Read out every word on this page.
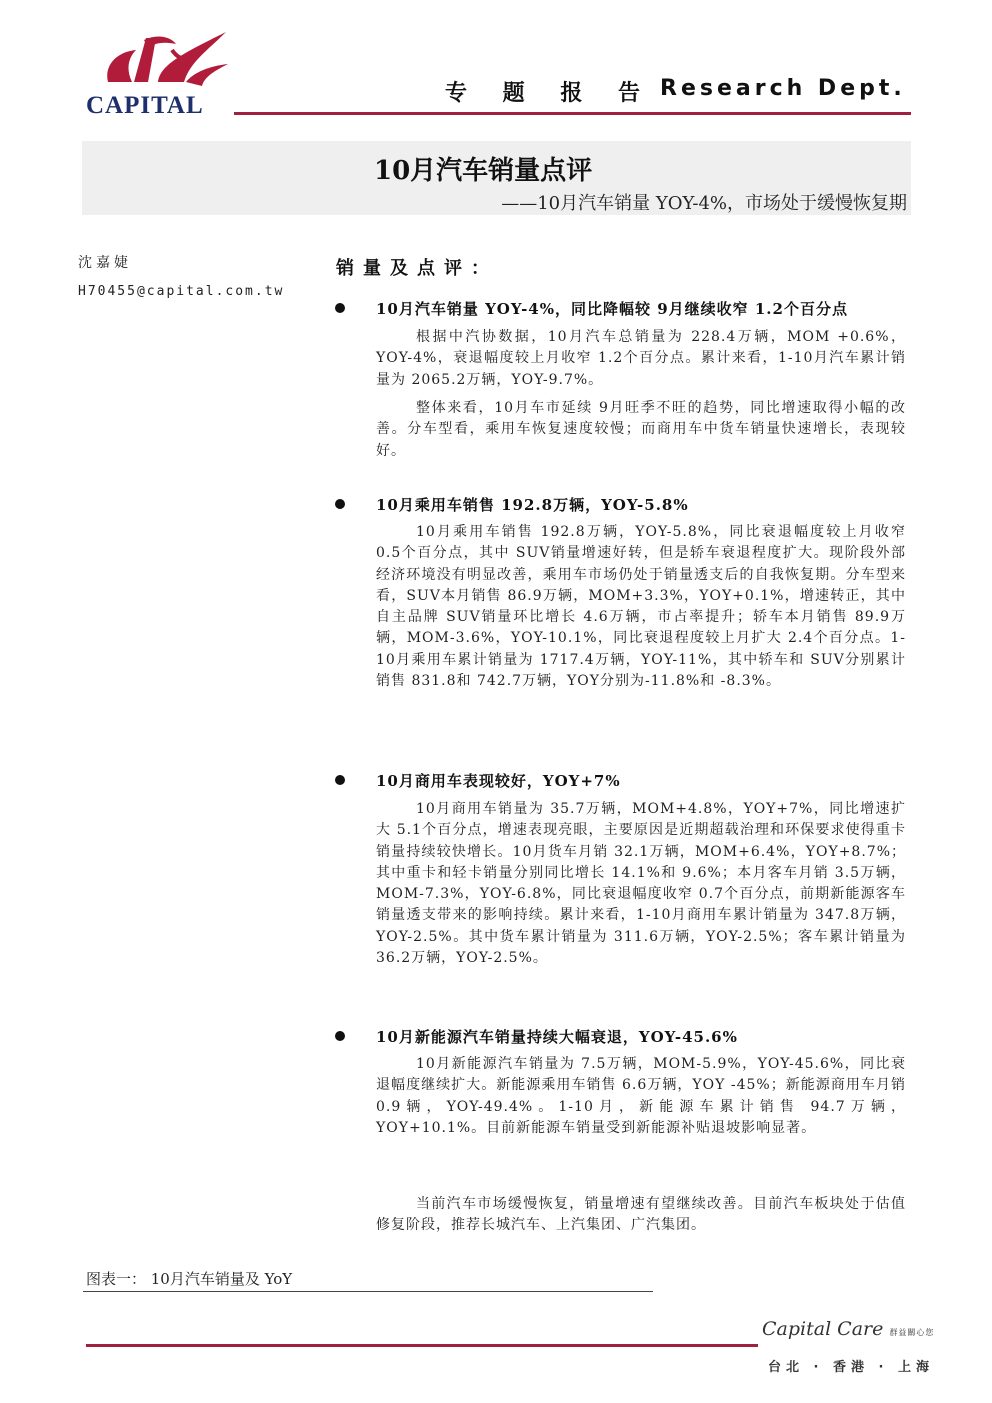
CAPITAL	专 题 报 告 Research Dept.
10月汽车销量点评
——10月汽车销量 YOY-4%，市场处于缓慢恢复期
沈嘉婕
H70455@capital.com.tw
销量及点评：
10月汽车销量 YOY-4%，同比降幅较 9月继续收窄 1.2个百分点
根据中汽协数据，10月汽车总销量为 228.4万辆，MOM +0.6%，YOY-4%，衰退幅度较上月收窄 1.2个百分点。累计来看，1-10月汽车累计销量为 2065.2万辆，YOY-9.7%。
整体来看，10月车市延续 9月旺季不旺的趋势，同比增速取得小幅的改善。分车型看，乘用车恢复速度较慢；而商用车中货车销量快速增长，表现较好。
10月乘用车销售 192.8万辆，YOY-5.8%
10月乘用车销售 192.8万辆，YOY-5.8%，同比衰退幅度较上月收窄 0.5个百分点，其中 SUV销量增速好转，但是轿车衰退程度扩大。现阶段外部经济环境没有明显改善，乘用车市场仍处于销量透支后的自我恢复期。分车型来看，SUV本月销售 86.9万辆，MOM+3.3%，YOY+0.1%，增速转正，其中自主品牌 SUV销量环比增长 4.6万辆，市占率提升；轿车本月销售 89.9万辆，MOM-3.6%，YOY-10.1%，同比衰退程度较上月扩大 2.4个百分点。1-10月乘用车累计销量为 1717.4万辆，YOY-11%，其中轿车和 SUV分别累计销售 831.8和 742.7万辆，YOY分别为-11.8%和 -8.3%。
10月商用车表现较好，YOY+7%
10月商用车销量为 35.7万辆，MOM+4.8%，YOY+7%，同比增速扩大 5.1个百分点，增速表现亮眼，主要原因是近期超载治理和环保要求使得重卡销量持续较快增长。10月货车月销 32.1万辆，MOM+6.4%，YOY+8.7%；其中重卡和轻卡销量分别同比增长 14.1%和 9.6%；本月客车月销 3.5万辆，MOM-7.3%，YOY-6.8%，同比衰退幅度收窄 0.7个百分点，前期新能源客车销量透支带来的影响持续。累计来看，1-10月商用车累计销量为 347.8万辆，YOY-2.5%。其中货车累计销量为 311.6万辆，YOY-2.5%；客车累计销量为 36.2万辆，YOY-2.5%。
10月新能源汽车销量持续大幅衰退，YOY-45.6%
10月新能源汽车销量为 7.5万辆，MOM-5.9%，YOY-45.6%，同比衰退幅度继续扩大。新能源乘用车销售 6.6万辆，YOY -45%；新能源商用车月销 0.9辆，YOY-49.4%。1-10月，新能源车累计销售 94.7万辆，YOY+10.1%。目前新能源车销量受到新能源补贴退坡影响显著。
当前汽车市场缓慢恢复，销量增速有望继续改善。目前汽车板块处于估值修复阶段，推荐长城汽车、上汽集团、广汽集团。
图表一： 10月汽车销量及 YoY
Capital Care 群益關心您
台北 · 香港 · 上海
